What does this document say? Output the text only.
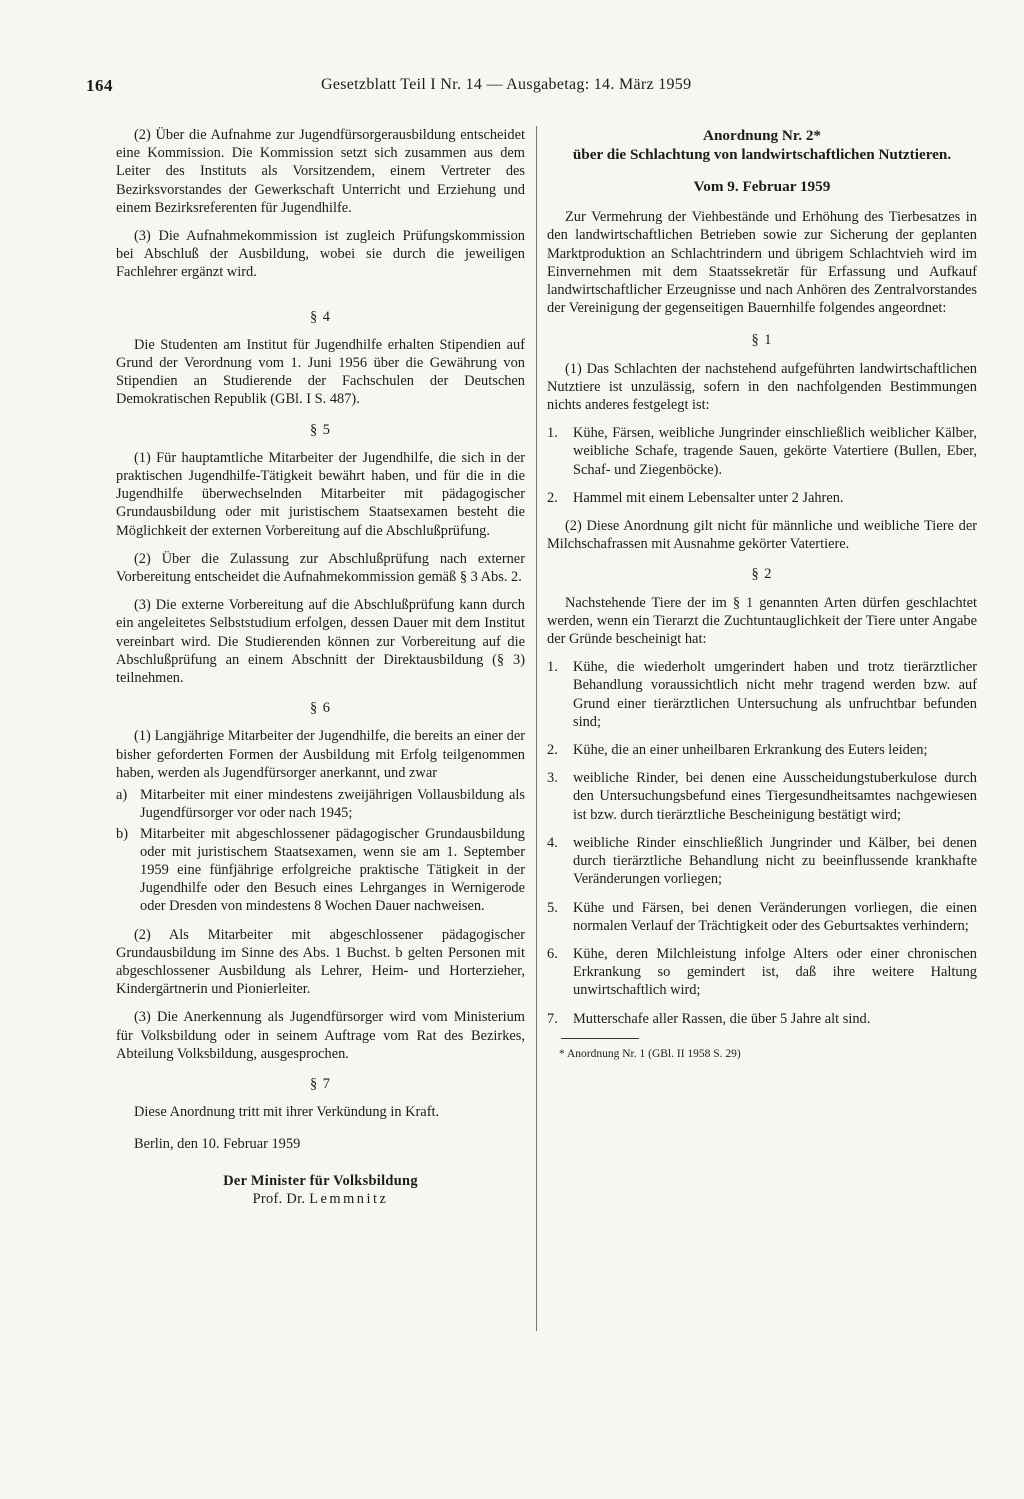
164	Gesetzblatt Teil I Nr. 14 — Ausgabetag: 14. März 1959

(2) Über die Aufnahme zur Jugendfürsorgerausbildung entscheidet eine Kommission. Die Kommission setzt sich zusammen aus dem Leiter des Instituts als Vorsitzendem, einem Vertreter des Bezirksvorstandes der Gewerkschaft Unterricht und Erziehung und einem Bezirksreferenten für Jugendhilfe.

(3) Die Aufnahmekommission ist zugleich Prüfungskommission bei Abschluß der Ausbildung, wobei sie durch die jeweiligen Fachlehrer ergänzt wird.

§ 4

Die Studenten am Institut für Jugendhilfe erhalten Stipendien auf Grund der Verordnung vom 1. Juni 1956 über die Gewährung von Stipendien an Studierende der Fachschulen der Deutschen Demokratischen Republik (GBl. I S. 487).

§ 5

(1) Für hauptamtliche Mitarbeiter der Jugendhilfe, die sich in der praktischen Jugendhilfe-Tätigkeit bewährt haben, und für die in die Jugendhilfe überwechselnden Mitarbeiter mit pädagogischer Grundausbildung oder mit juristischem Staatsexamen besteht die Möglichkeit der externen Vorbereitung auf die Abschlußprüfung.

(2) Über die Zulassung zur Abschlußprüfung nach externer Vorbereitung entscheidet die Aufnahmekommission gemäß § 3 Abs. 2.

(3) Die externe Vorbereitung auf die Abschlußprüfung kann durch ein angeleitetes Selbststudium erfolgen, dessen Dauer mit dem Institut vereinbart wird. Die Studierenden können zur Vorbereitung auf die Abschlußprüfung an einem Abschnitt der Direktausbildung (§ 3) teilnehmen.

§ 6

(1) Langjährige Mitarbeiter der Jugendhilfe, die bereits an einer der bisher geforderten Formen der Ausbildung mit Erfolg teilgenommen haben, werden als Jugendfürsorger anerkannt, und zwar

a) Mitarbeiter mit einer mindestens zweijährigen Vollausbildung als Jugendfürsorger vor oder nach 1945;
b) Mitarbeiter mit abgeschlossener pädagogischer Grundausbildung oder mit juristischem Staatsexamen, wenn sie am 1. September 1959 eine fünfjährige erfolgreiche praktische Tätigkeit in der Jugendhilfe oder den Besuch eines Lehrganges in Wernigerode oder Dresden von mindestens 8 Wochen Dauer nachweisen.

(2) Als Mitarbeiter mit abgeschlossener pädagogischer Grundausbildung im Sinne des Abs. 1 Buchst. b gelten Personen mit abgeschlossener Ausbildung als Lehrer, Heim- und Horterzieher, Kindergärtnerin und Pionierleiter.

(3) Die Anerkennung als Jugendfürsorger wird vom Ministerium für Volksbildung oder in seinem Auftrage vom Rat des Bezirkes, Abteilung Volksbildung, ausgesprochen.

§ 7

Diese Anordnung tritt mit ihrer Verkündung in Kraft.

Berlin, den 10. Februar 1959

Der Minister für Volksbildung
Prof. Dr. Lemmnitz
Anordnung Nr. 2*
über die Schlachtung von landwirtschaftlichen Nutztieren.
Vom 9. Februar 1959

Zur Vermehrung der Viehbestände und Erhöhung des Tierbesatzes in den landwirtschaftlichen Betrieben sowie zur Sicherung der geplanten Marktproduktion an Schlachtrindern und übrigem Schlachtvieh wird im Einvernehmen mit dem Staatssekretär für Erfassung und Aufkauf landwirtschaftlicher Erzeugnisse und nach Anhören des Zentralvorstandes der Vereinigung der gegenseitigen Bauernhilfe folgendes angeordnet:

§ 1

(1) Das Schlachten der nachstehend aufgeführten landwirtschaftlichen Nutztiere ist unzulässig, sofern in den nachfolgenden Bestimmungen nichts anderes festgelegt ist:

1.	Kühe, Färsen, weibliche Jungrinder einschließlich weiblicher Kälber, weibliche Schafe, tragende Sauen, gekörte Vatertiere (Bullen, Eber, Schaf- und Ziegenböcke).
2.	Hammel mit einem Lebensalter unter 2 Jahren.

(2) Diese Anordnung gilt nicht für männliche und weibliche Tiere der Milchschafrassen mit Ausnahme gekörter Vatertiere.

§ 2

Nachstehende Tiere der im § 1 genannten Arten dürfen geschlachtet werden, wenn ein Tierarzt die Zuchtuntauglichkeit der Tiere unter Angabe der Gründe bescheinigt hat:

1.	Kühe, die wiederholt umgerindert haben und trotz tierärztlicher Behandlung voraussichtlich nicht mehr tragend werden bzw. auf Grund einer tierärztlichen Untersuchung als unfruchtbar befunden sind;
2.	Kühe, die an einer unheilbaren Erkrankung des Euters leiden;
3.	weibliche Rinder, bei denen eine Ausscheidungstuberkulose durch den Untersuchungsbefund eines Tiergesundheitsamtes nachgewiesen ist bzw. durch tierärztliche Bescheinigung bestätigt wird;
4.	weibliche Rinder einschließlich Jungrinder und Kälber, bei denen durch tierärztliche Behandlung nicht zu beeinflussende krankhafte Veränderungen vorliegen;
5.	Kühe und Färsen, bei denen Veränderungen vorliegen, die einen normalen Verlauf der Trächtigkeit oder des Geburtsaktes verhindern;
6.	Kühe, deren Milchleistung infolge Alters oder einer chronischen Erkrankung so gemindert ist, daß ihre weitere Haltung unwirtschaftlich wird;
7.	Mutterschafe aller Rassen, die über 5 Jahre alt sind.
* Anordnung Nr. 1 (GBl. II 1958 S. 29)
